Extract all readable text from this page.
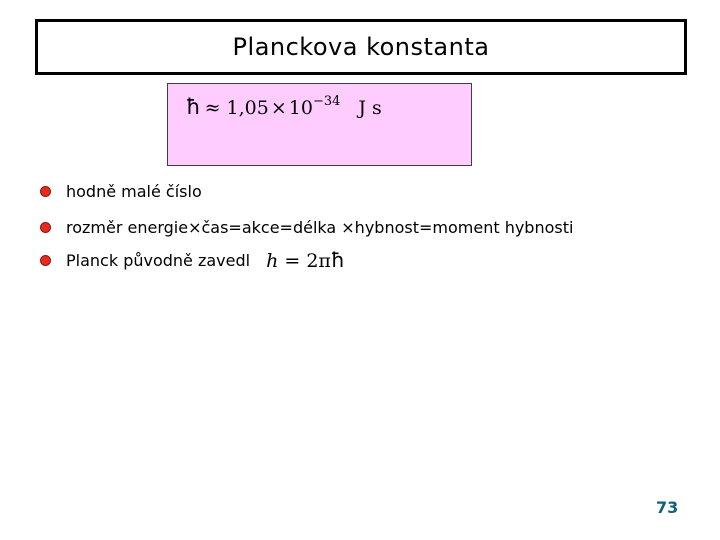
Planckova konstanta
ħ ≈ $1,05 \times 10^{-34}$ J s
hodně malé číslo
rozměr energie×čas=akce=délka ×hybnost=moment hybnosti
Planck původně zavedl h = 2πħ
73
